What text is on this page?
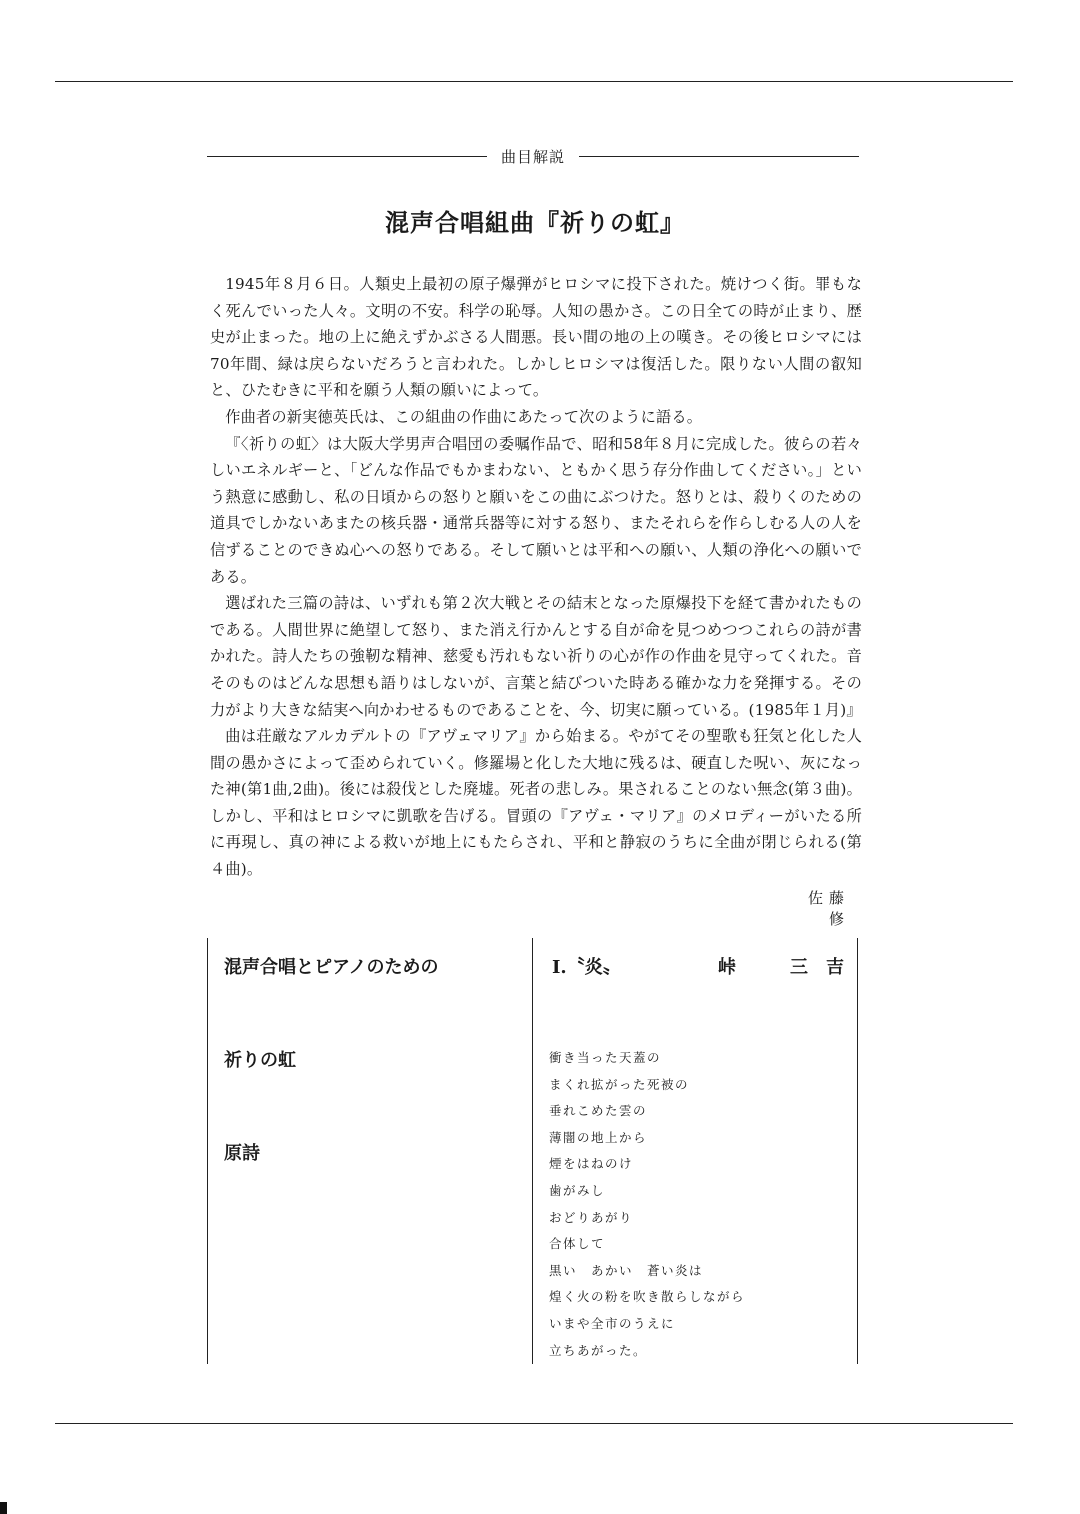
曲目解説
混声合唱組曲『祈りの虹』

1945年８月６日。人類史上最初の原子爆弾がヒロシマに投下された。焼けつく街。罪もなく死んでいった人々。文明の不安。科学の恥辱。人知の愚かさ。この日全ての時が止まり、歴史が止まった。地の上に絶えずかぶさる人間悪。長い間の地の上の嘆き。その後ヒロシマには70年間、緑は戻らないだろうと言われた。しかしヒロシマは復活した。限りない人間の叡知と、ひたむきに平和を願う人類の願いによって。

作曲者の新実徳英氏は、この組曲の作曲にあたって次のように語る。

『〈祈りの虹〉は大阪大学男声合唱団の委嘱作品で、昭和58年８月に完成した。彼らの若々しいエネルギーと、「どんな作品でもかまわない、ともかく思う存分作曲してください。」という熱意に感動し、私の日頃からの怒りと願いをこの曲にぶつけた。怒りとは、殺りくのための道具でしかないあまたの核兵器・通常兵器等に対する怒り、またそれらを作らしむる人の人を信ずることのできぬ心への怒りである。そして願いとは平和への願い、人類の浄化への願いである。

選ばれた三篇の詩は、いずれも第２次大戦とその結末となった原爆投下を経て書かれたものである。人間世界に絶望して怒り、また消え行かんとする自が命を見つめつつこれらの詩が書かれた。詩人たちの強靭な精神、慈愛も汚れもない祈りの心が作の作曲を見守ってくれた。音そのものはどんな思想も語りはしないが、言葉と結びついた時ある確かな力を発揮する。その力がより大きな結実へ向かわせるものであることを、今、切実に願っている。(1985年１月)』

曲は荘厳なアルカデルトの『アヴェマリア』から始まる。やがてその聖歌も狂気と化した人間の愚かさによって歪められていく。修羅場と化した大地に残るは、硬直した呪い、灰になった神(第1曲,2曲)。後には殺伐とした廃墟。死者の悲しみ。果されることのない無念(第３曲)。しかし、平和はヒロシマに凱歌を告げる。冒頭の『アヴェ・マリア』のメロディーがいたる所に再現し、真の神による救いが地上にもたらされ、平和と静寂のうちに全曲が閉じられる(第４曲)。

佐藤　修
混声合唱とピアノのための
祈りの虹
原詩
Ⅰ.〝炎〟	峠　三吉
衝き当った天蓋の
まくれ拡がった死被の
垂れこめた雲の
薄闇の地上から
煙をはねのけ
歯がみし
おどりあがり
合体して
黒い　あかい　蒼い炎は
煌く火の粉を吹き散らしながら
いまや全市のうえに
立ちあがった。
